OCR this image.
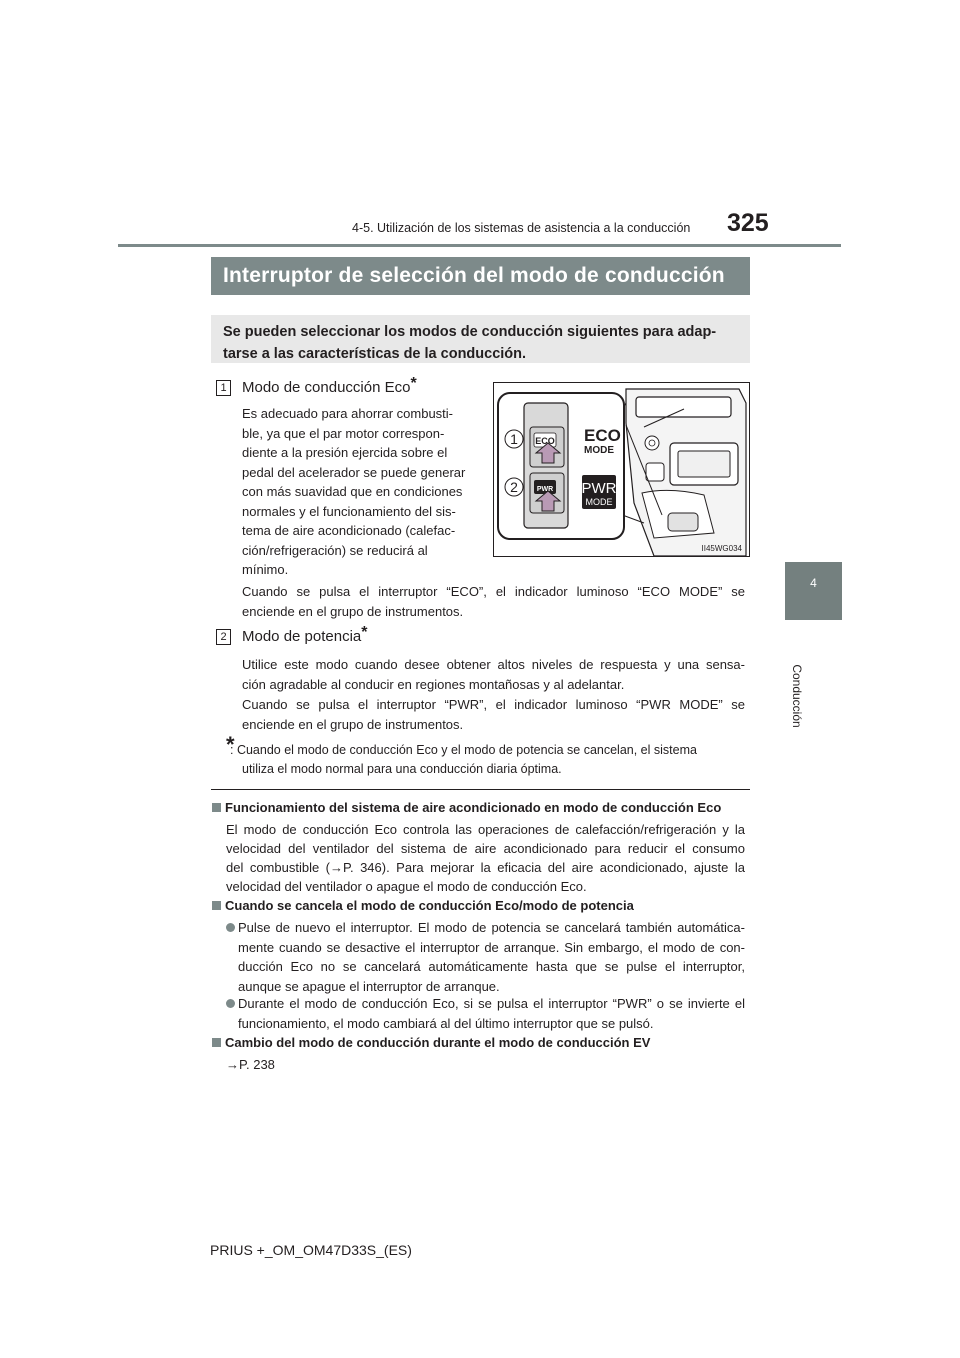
4-5. Utilización de los sistemas de asistencia a la conducción 325
4
Conducción
Interruptor de selección del modo de conducción
Se pueden seleccionar los modos de conducción siguientes para adap-
tarse a las características de la conducción.
1 Modo de conducción Eco*
Es adecuado para ahorrar combusti-
ble, ya que el par motor correspon-
diente a la presión ejercida sobre el
pedal del acelerador se puede generar
con más suavidad que en condiciones
normales y el funcionamiento del sis-
tema de aire acondicionado (calefac-
ción/refrigeración) se reducirá al
mínimo.
Cuando se pulsa el interruptor “ECO”, el indicador luminoso “ECO MODE” se
enciende en el grupo de instrumentos.
1
2
ECO
PWR
ECO
MODE
PWR
MODE
II45WG034
2 Modo de potencia*
Utilice este modo cuando desee obtener altos niveles de respuesta y una sensa-
ción agradable al conducir en regiones montañosas y al adelantar.
Cuando se pulsa el interruptor “PWR”, el indicador luminoso “PWR MODE” se
enciende en el grupo de instrumentos.
*
: Cuando el modo de conducción Eco y el modo de potencia se cancelan, el sistema
utiliza el modo normal para una conducción diaria óptima.
Funcionamiento del sistema de aire acondicionado en modo de conducción Eco
El modo de conducción Eco controla las operaciones de calefacción/refrigeración y la
velocidad del ventilador del sistema de aire acondicionado para reducir el consumo
del combustible (→P. 346). Para mejorar la eficacia del aire acondicionado, ajuste la
velocidad del ventilador o apague el modo de conducción Eco.
Cuando se cancela el modo de conducción Eco/modo de potencia
Pulse de nuevo el interruptor. El modo de potencia se cancelará también automática-
mente cuando se desactive el interruptor de arranque. Sin embargo, el modo de con-
ducción Eco no se cancelará automáticamente hasta que se pulse el interruptor,
aunque se apague el interruptor de arranque.
Durante el modo de conducción Eco, si se pulsa el interruptor “PWR” o se invierte el
funcionamiento, el modo cambiará al del último interruptor que se pulsó.
Cambio del modo de conducción durante el modo de conducción EV
→P. 238
PRIUS +_OM_OM47D33S_(ES)
